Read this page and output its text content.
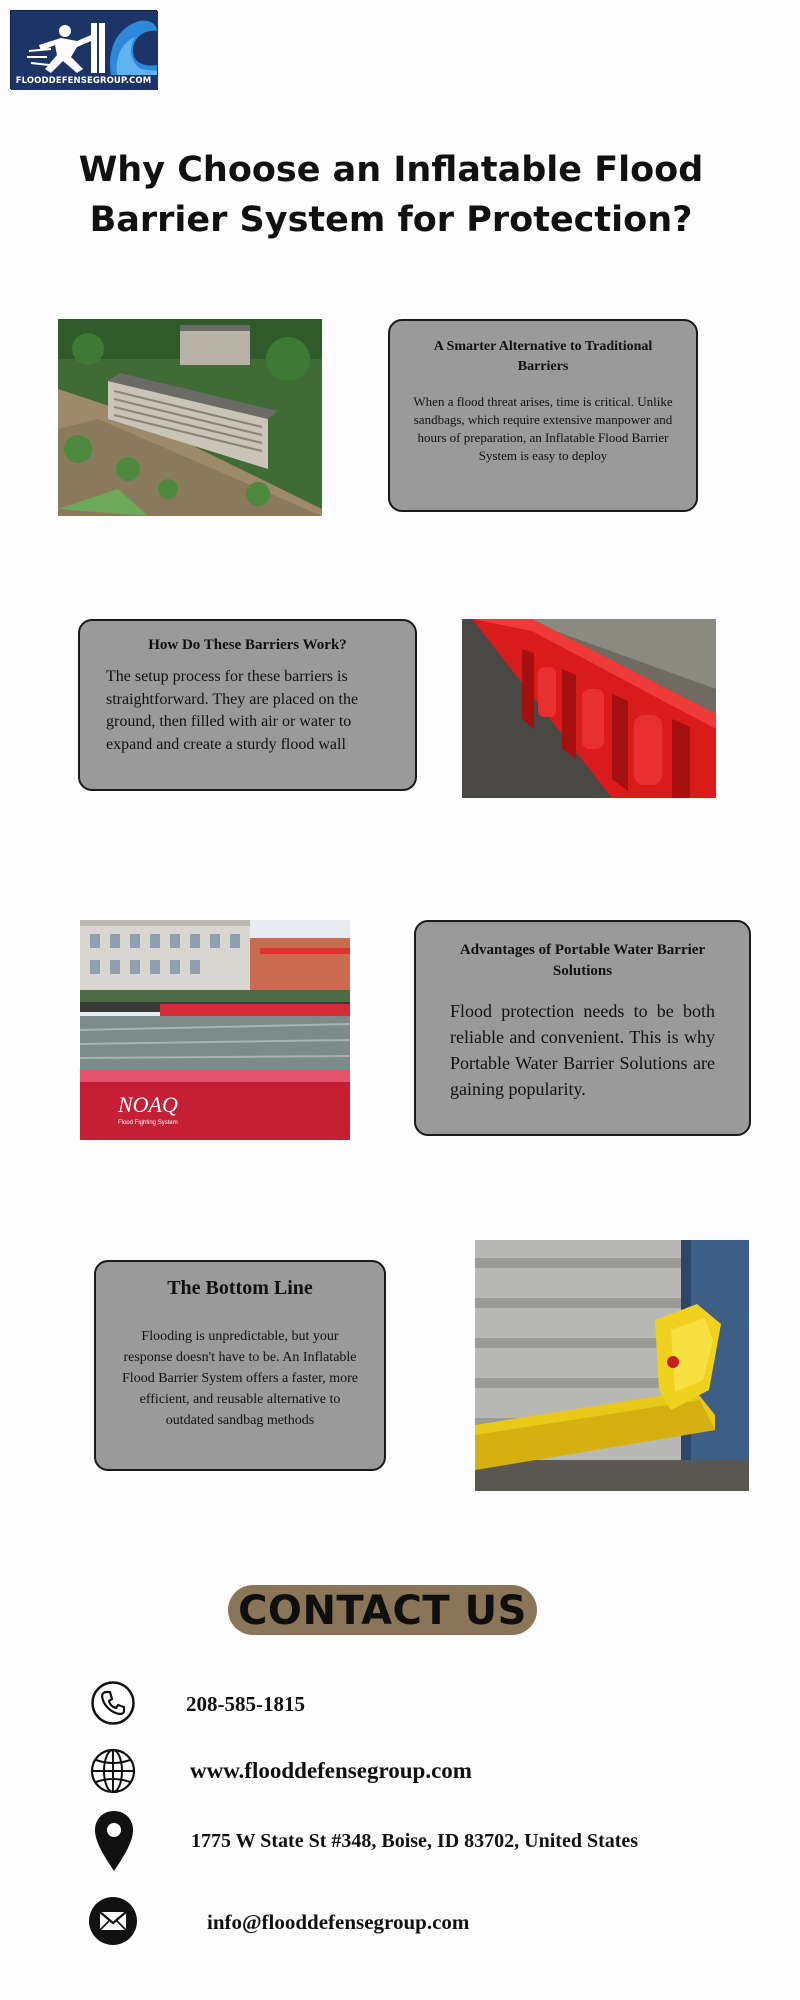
FLOODDEFENSEGROUP.COM
Why Choose an Inflatable Flood Barrier System for Protection?
A Smarter Alternative to Traditional Barriers

When a flood threat arises, time is critical. Unlike sandbags, which require extensive manpower and hours of preparation, an Inflatable Flood Barrier System is easy to deploy

How Do These Barriers Work?

The setup process for these barriers is straightforward. They are placed on the ground, then filled with air or water to expand and create a sturdy flood wall

NOAQ
Flood Fighting System
Advantages of Portable Water Barrier Solutions

Flood protection needs to be both reliable and convenient. This is why Portable Water Barrier Solutions are gaining popularity.

The Bottom Line

Flooding is unpredictable, but your response doesn't have to be. An Inflatable Flood Barrier System offers a faster, more efficient, and reusable alternative to outdated sandbag methods

CONTACT US
208-585-1815
www.flooddefensegroup.com
1775 W State St #348, Boise, ID 83702, United States
info@flooddefensegroup.com
